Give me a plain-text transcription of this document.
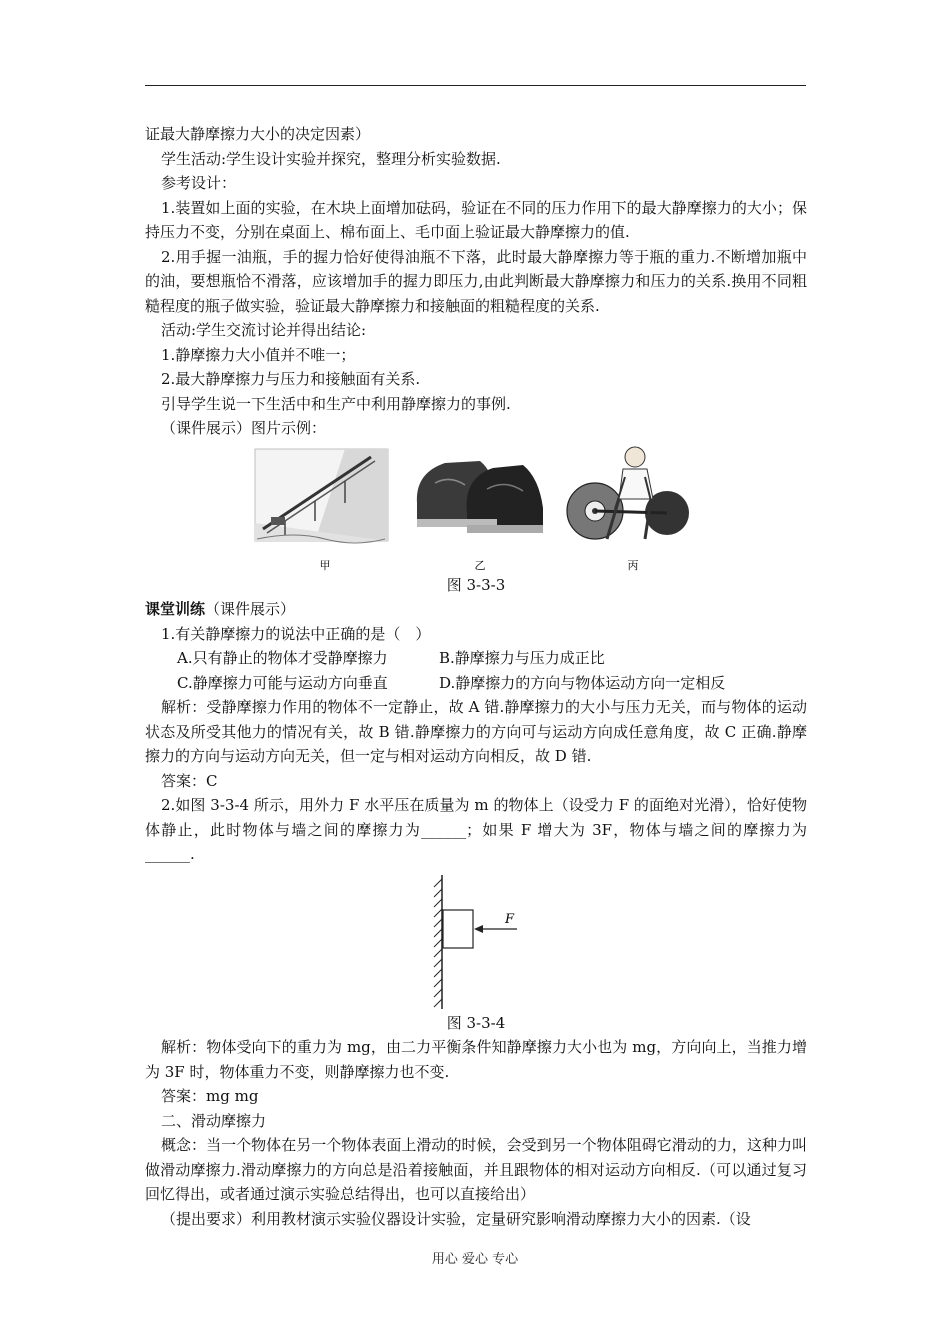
证最大静摩擦力大小的决定因素）

学生活动:学生设计实验并探究，整理分析实验数据.

参考设计：

1.装置如上面的实验，在木块上面增加砝码，验证在不同的压力作用下的最大静摩擦力的大小；保持压力不变，分别在桌面上、棉布面上、毛巾面上验证最大静摩擦力的值.

2.用手握一油瓶，手的握力恰好使得油瓶不下落，此时最大静摩擦力等于瓶的重力.不断增加瓶中的油，要想瓶恰不滑落，应该增加手的握力即压力,由此判断最大静摩擦力和压力的关系.换用不同粗糙程度的瓶子做实验，验证最大静摩擦力和接触面的粗糙程度的关系.

活动:学生交流讨论并得出结论:

1.静摩擦力大小值并不唯一；

2.最大静摩擦力与压力和接触面有关系.

引导学生说一下生活中和生产中利用静摩擦力的事例.

（课件展示）图片示例：

甲	乙	丙

图 3-3-3

课堂训练（课件展示）

1.有关静摩擦力的说法中正确的是（　）

A.只有静止的物体才受静摩擦力	B.静摩擦力与压力成正比

C.静摩擦力可能与运动方向垂直	D.静摩擦力的方向与物体运动方向一定相反

解析：受静摩擦力作用的物体不一定静止，故 A 错.静摩擦力的大小与压力无关，而与物体的运动状态及所受其他力的情况有关，故 B 错.静摩擦力的方向可与运动方向成任意角度，故 C 正确.静摩擦力的方向与运动方向无关，但一定与相对运动方向相反，故 D 错.

答案：C

2.如图 3-3-4 所示，用外力 F 水平压在质量为 m 的物体上（设受力 F 的面绝对光滑），恰好使物体静止，此时物体与墙之间的摩擦力为______；如果 F 增大为 3F，物体与墙之间的摩擦力为______.

F

图 3-3-4

解析：物体受向下的重力为 mg，由二力平衡条件知静摩擦力大小也为 mg，方向向上，当推力增为 3F 时，物体重力不变，则静摩擦力也不变.

答案：mg mg

二、滑动摩擦力

概念：当一个物体在另一个物体表面上滑动的时候，会受到另一个物体阻碍它滑动的力，这种力叫做滑动摩擦力.滑动摩擦力的方向总是沿着接触面，并且跟物体的相对运动方向相反.（可以通过复习回忆得出，或者通过演示实验总结得出，也可以直接给出）

（提出要求）利用教材演示实验仪器设计实验，定量研究影响滑动摩擦力大小的因素.（设

用心 爱心 专心
